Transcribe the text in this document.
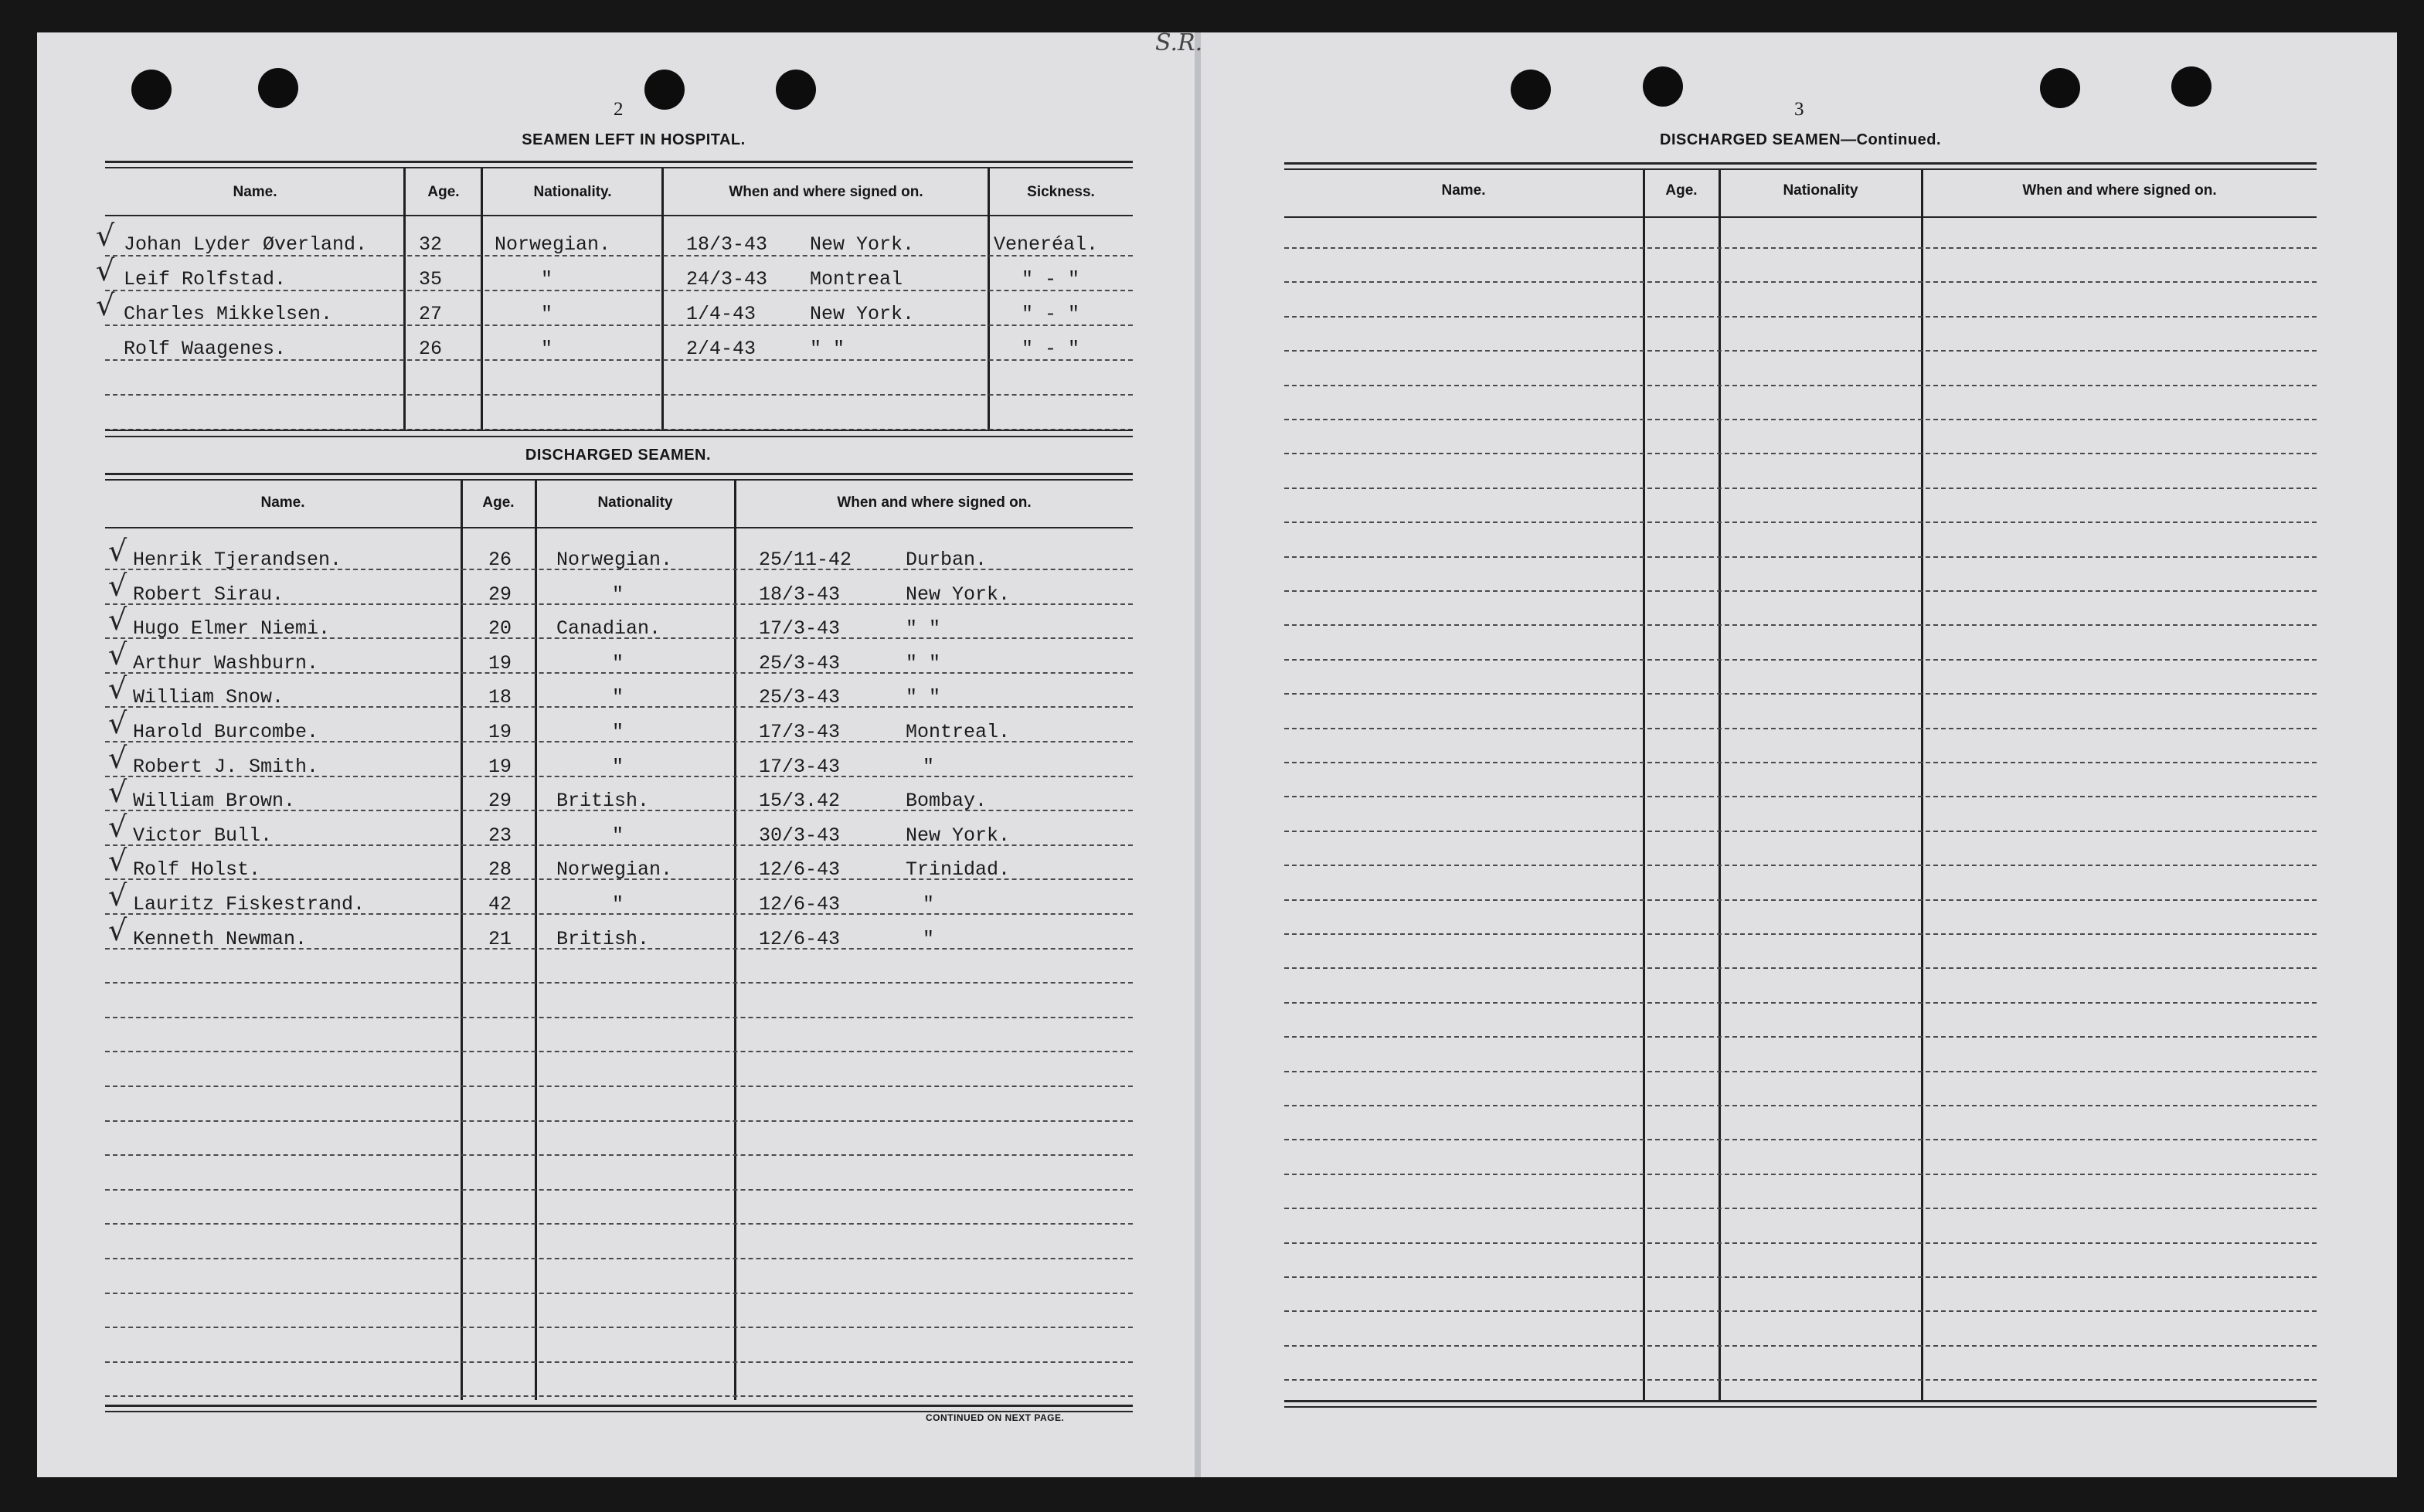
S.R.
2
SEAMEN LEFT IN HOSPITAL.
Name.	Age.	Nationality.	When and where signed on.	Sickness.
√ Johan Lyder Øverland.	32	Norwegian.	18/3-43 New York.	Veneréal.
√ Leif Rolfstad.	35	"	24/3-43 Montreal	" - "
√ Charles Mikkelsen.	27	"	1/4-43	New York.	" - "
Rolf Waagenes.	26	"	2/4-43	" "	" - "
DISCHARGED SEAMEN.
Name.	Age.	Nationality	When and where signed on.
√ Henrik Tjerandsen.	26 Norwegian.	25/11-42	Durban.
√ Robert Sirau.	29	"	18/3-43	New York.
√ Hugo Elmer Niemi.	20 Canadian.	17/3-43	" "
√ Arthur Washburn.	19	"	25/3-43	" "
√ William Snow.	18	"	25/3-43	" "
√ Harold Burcombe.	19	"	17/3-43	Montreal.
√ Robert J. Smith.	19	"	17/3-43	"
√ William Brown.	29 British.	15/3.42	Bombay.
√ Victor Bull.	23	"	30/3-43	New York.
√ Rolf Holst.	28 Norwegian.	12/6-43	Trinidad.
√ Lauritz Fiskestrand.	42	"	12/6-43	"
√ Kenneth Newman.	21 British.	12/6-43	"
CONTINUED ON NEXT PAGE.
3
DISCHARGED SEAMEN—Continued.
Name.	Age.	Nationality	When and where signed on.
